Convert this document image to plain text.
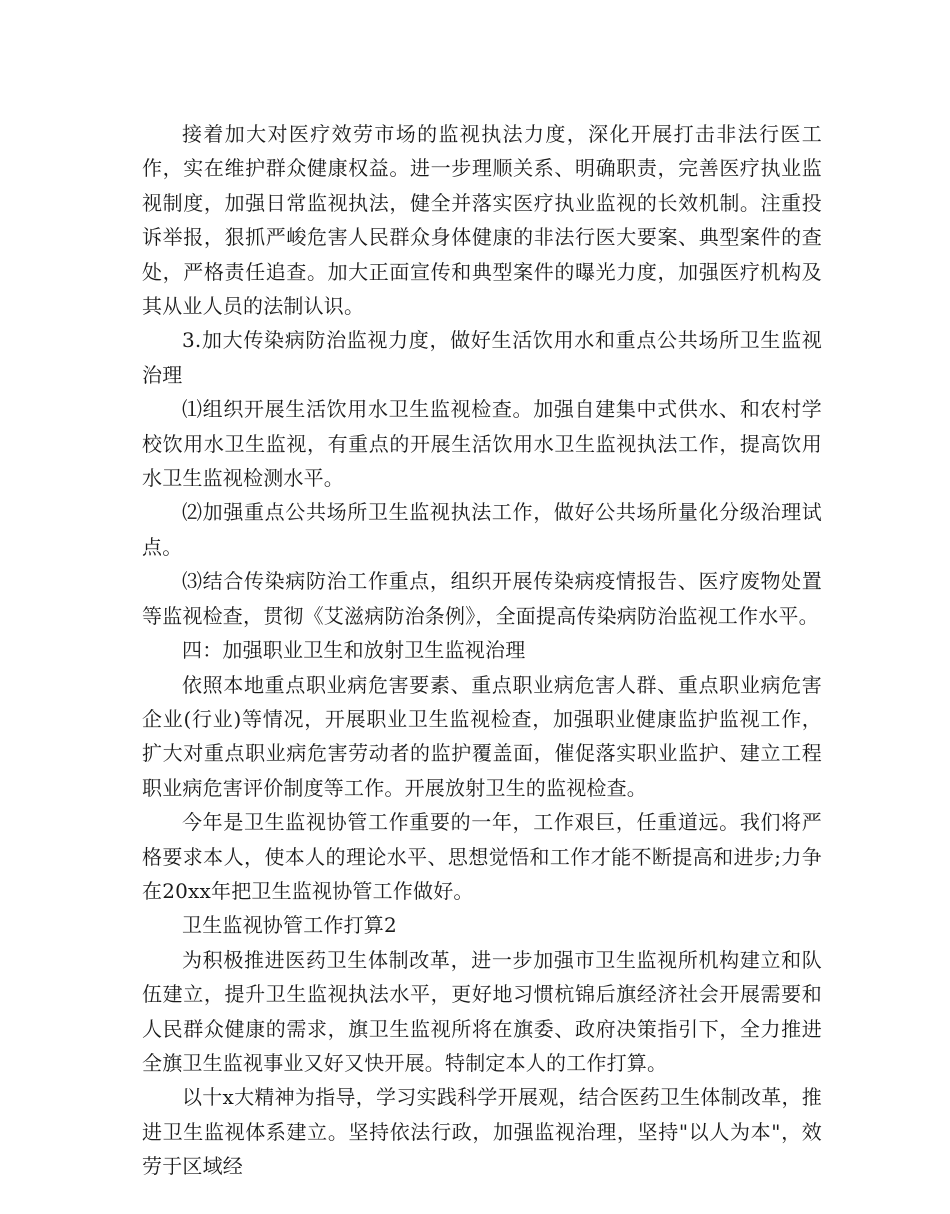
接着加大对医疗效劳市场的监视执法力度，深化开展打击非法行医工作，实在维护群众健康权益。进一步理顺关系、明确职责，完善医疗执业监视制度，加强日常监视执法，健全并落实医疗执业监视的长效机制。注重投诉举报，狠抓严峻危害人民群众身体健康的非法行医大要案、典型案件的查处，严格责任追查。加大正面宣传和典型案件的曝光力度，加强医疗机构及其从业人员的法制认识。

3.加大传染病防治监视力度，做好生活饮用水和重点公共场所卫生监视治理

⑴组织开展生活饮用水卫生监视检查。加强自建集中式供水、和农村学校饮用水卫生监视，有重点的开展生活饮用水卫生监视执法工作，提高饮用水卫生监视检测水平。

⑵加强重点公共场所卫生监视执法工作，做好公共场所量化分级治理试点。

⑶结合传染病防治工作重点，组织开展传染病疫情报告、医疗废物处置等监视检查，贯彻《艾滋病防治条例》，全面提高传染病防治监视工作水平。

四：加强职业卫生和放射卫生监视治理

依照本地重点职业病危害要素、重点职业病危害人群、重点职业病危害企业(行业)等情况，开展职业卫生监视检查，加强职业健康监护监视工作，扩大对重点职业病危害劳动者的监护覆盖面，催促落实职业监护、建立工程职业病危害评价制度等工作。开展放射卫生的监视检查。

今年是卫生监视协管工作重要的一年，工作艰巨，任重道远。我们将严格要求本人，使本人的理论水平、思想觉悟和工作才能不断提高和进步;力争在20xx年把卫生监视协管工作做好。

卫生监视协管工作打算2

为积极推进医药卫生体制改革，进一步加强市卫生监视所机构建立和队伍建立，提升卫生监视执法水平，更好地习惯杭锦后旗经济社会开展需要和人民群众健康的需求，旗卫生监视所将在旗委、政府决策指引下，全力推进全旗卫生监视事业又好又快开展。特制定本人的工作打算。

以十x大精神为指导，学习实践科学开展观，结合医药卫生体制改革，推进卫生监视体系建立。坚持依法行政，加强监视治理，坚持"以人为本"，效劳于区域经
